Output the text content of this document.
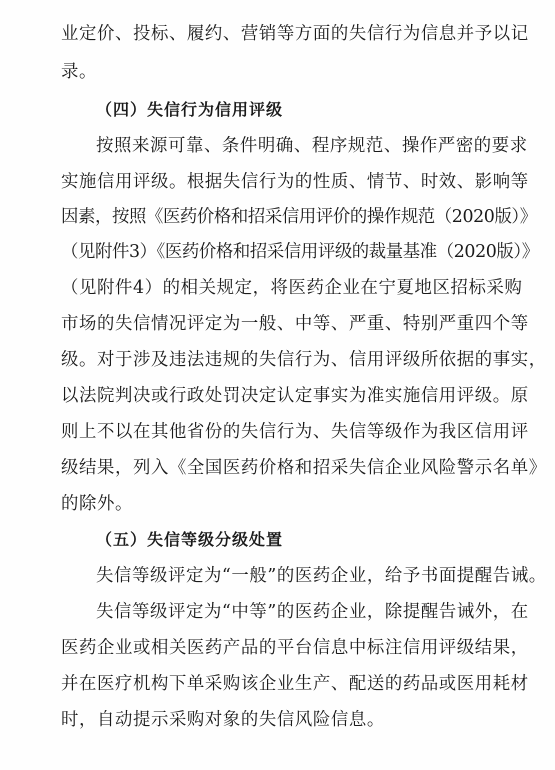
业定价、投标、履约、营销等方面的失信行为信息并予以记
录。
（四）失信行为信用评级
按照来源可靠、条件明确、程序规范、操作严密的要求
实施信用评级。根据失信行为的性质、情节、时效、影响等
因素，按照《医药价格和招采信用评价的操作规范（2020版）》
（见附件3）《医药价格和招采信用评级的裁量基准（2020版）》
（见附件4）的相关规定，将医药企业在宁夏地区招标采购
市场的失信情况评定为一般、中等、严重、特别严重四个等
级。对于涉及违法违规的失信行为、信用评级所依据的事实，
以法院判决或行政处罚决定认定事实为准实施信用评级。原
则上不以在其他省份的失信行为、失信等级作为我区信用评
级结果，列入《全国医药价格和招采失信企业风险警示名单》
的除外。
（五）失信等级分级处置
失信等级评定为“一般”的医药企业，给予书面提醒告诫。
失信等级评定为“中等”的医药企业，除提醒告诫外，在
医药企业或相关医药产品的平台信息中标注信用评级结果，
并在医疗机构下单采购该企业生产、配送的药品或医用耗材
时，自动提示采购对象的失信风险信息。
